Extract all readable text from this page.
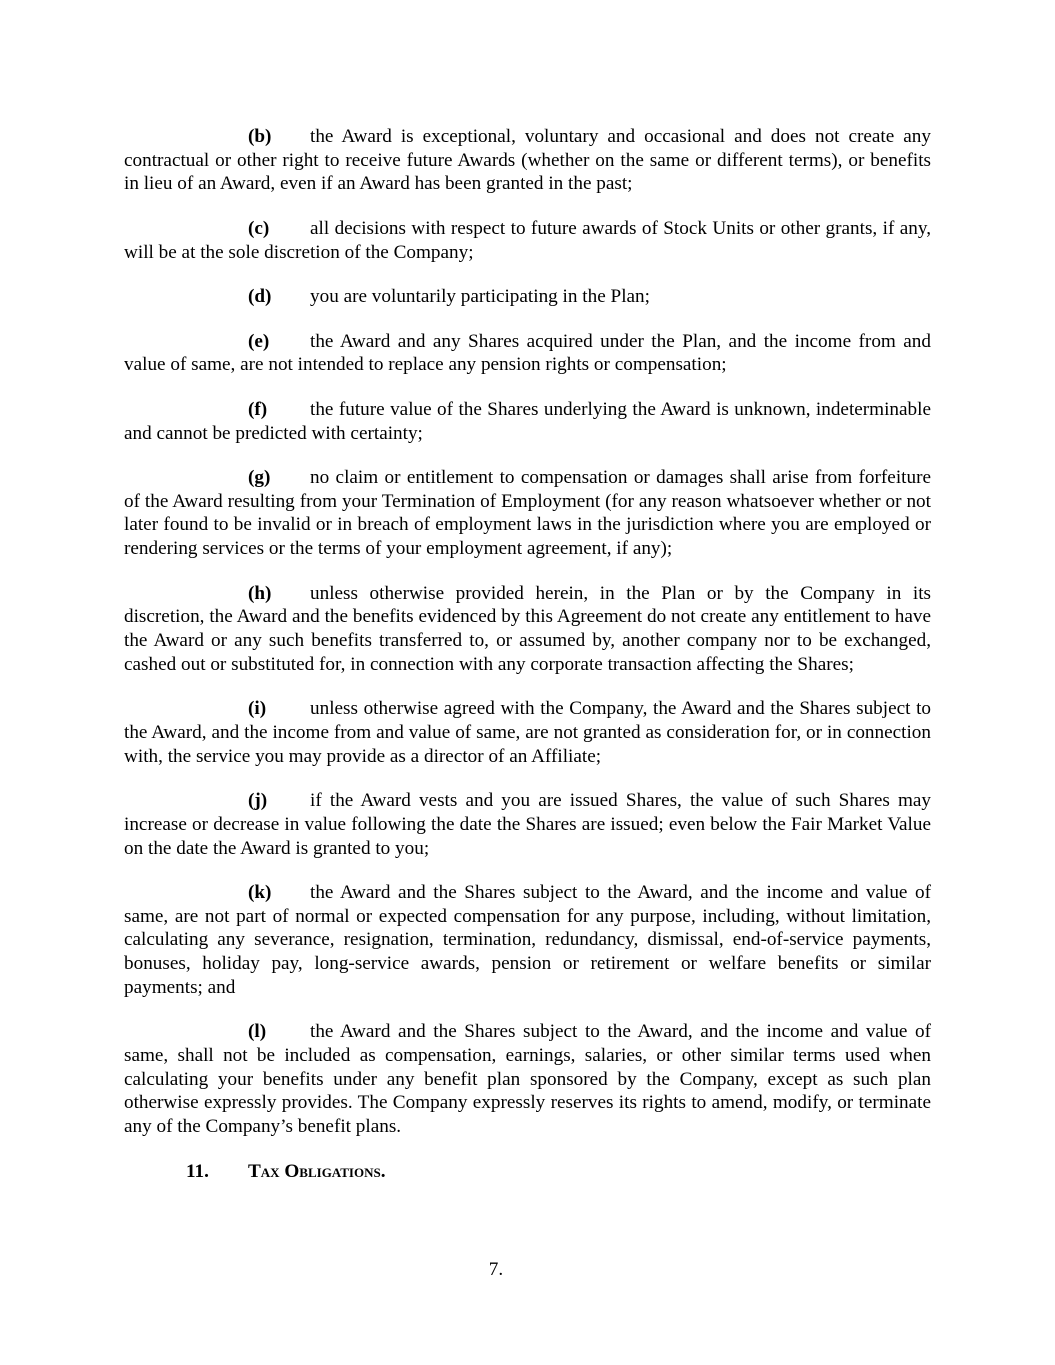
(b) the Award is exceptional, voluntary and occasional and does not create any contractual or other right to receive future Awards (whether on the same or different terms), or benefits in lieu of an Award, even if an Award has been granted in the past;

(c) all decisions with respect to future awards of Stock Units or other grants, if any, will be at the sole discretion of the Company;

(d) you are voluntarily participating in the Plan;

(e) the Award and any Shares acquired under the Plan, and the income from and value of same, are not intended to replace any pension rights or compensation;

(f) the future value of the Shares underlying the Award is unknown, indeterminable and cannot be predicted with certainty;

(g) no claim or entitlement to compensation or damages shall arise from forfeiture of the Award resulting from your Termination of Employment (for any reason whatsoever whether or not later found to be invalid or in breach of employment laws in the jurisdiction where you are employed or rendering services or the terms of your employment agreement, if any);

(h) unless otherwise provided herein, in the Plan or by the Company in its discretion, the Award and the benefits evidenced by this Agreement do not create any entitlement to have the Award or any such benefits transferred to, or assumed by, another company nor to be exchanged, cashed out or substituted for, in connection with any corporate transaction affecting the Shares;

(i) unless otherwise agreed with the Company, the Award and the Shares subject to the Award, and the income from and value of same, are not granted as consideration for, or in connection with, the service you may provide as a director of an Affiliate;

(j) if the Award vests and you are issued Shares, the value of such Shares may increase or decrease in value following the date the Shares are issued; even below the Fair Market Value on the date the Award is granted to you;

(k) the Award and the Shares subject to the Award, and the income and value of same, are not part of normal or expected compensation for any purpose, including, without limitation, calculating any severance, resignation, termination, redundancy, dismissal, end-of-service payments, bonuses, holiday pay, long-service awards, pension or retirement or welfare benefits or similar payments; and

(l) the Award and the Shares subject to the Award, and the income and value of same, shall not be included as compensation, earnings, salaries, or other similar terms used when calculating your benefits under any benefit plan sponsored by the Company, except as such plan otherwise expressly provides. The Company expressly reserves its rights to amend, modify, or terminate any of the Company’s benefit plans.

11. Tax Obligations.

7.
